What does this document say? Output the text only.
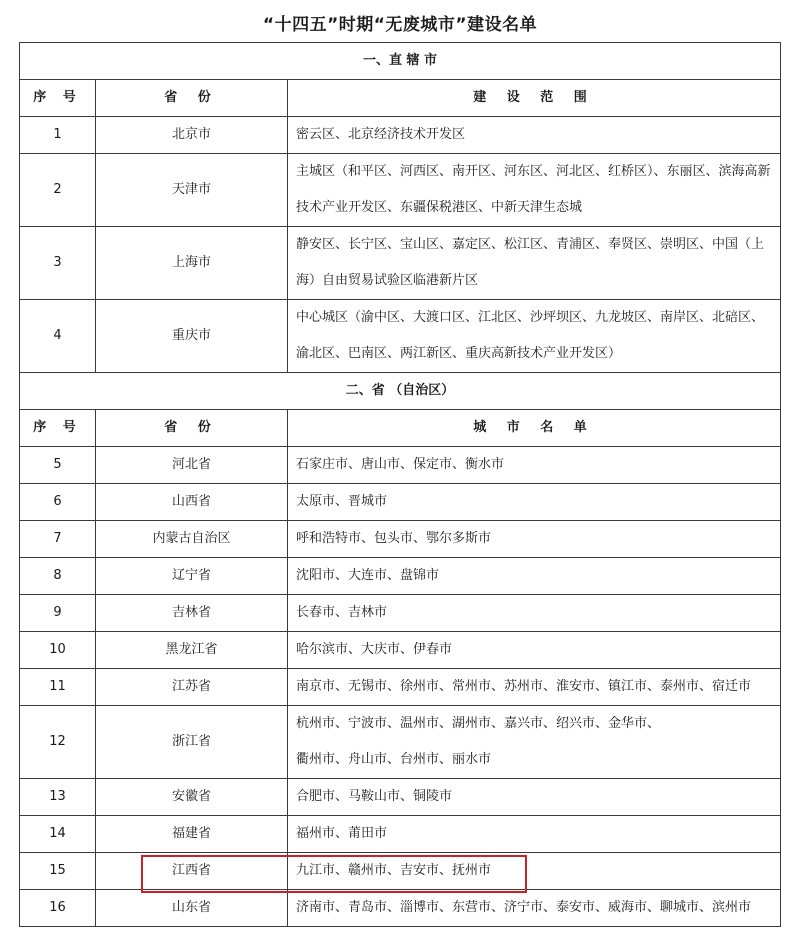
“十四五”时期“无废城市”建设名单
一、直 辖 市		
序 号	省 份	建 设 范 围
1	北京市	密云区、北京经济技术开发区
2	天津市	主城区（和平区、河西区、南开区、河东区、河北区、红桥区）、东丽区、滨海高新技术产业开发区、东疆保税港区、中新天津生态城
3	上海市	静安区、长宁区、宝山区、嘉定区、松江区、青浦区、奉贤区、崇明区、中国（上海）自由贸易试验区临港新片区
4	重庆市	中心城区（渝中区、大渡口区、江北区、沙坪坝区、九龙坡区、南岸区、北碚区、渝北区、巴南区、两江新区、重庆高新技术产业开发区）
二、省 （自治区）		
序 号	省 份	城 市 名 单
5	河北省	石家庄市、唐山市、保定市、衡水市
6	山西省	太原市、晋城市
7	内蒙古自治区	呼和浩特市、包头市、鄂尔多斯市
8	辽宁省	沈阳市、大连市、盘锦市
9	吉林省	长春市、吉林市
10	黑龙江省	哈尔滨市、大庆市、伊春市
11	江苏省	南京市、无锡市、徐州市、常州市、苏州市、淮安市、镇江市、泰州市、宿迁市
12	浙江省	杭州市、宁波市、温州市、湖州市、嘉兴市、绍兴市、金华市、
衢州市、舟山市、台州市、丽水市
13	安徽省	合肥市、马鞍山市、铜陵市
14	福建省	福州市、莆田市
15	江西省	九江市、赣州市、吉安市、抚州市
16	山东省	济南市、青岛市、淄博市、东营市、济宁市、泰安市、威海市、聊城市、滨州市
